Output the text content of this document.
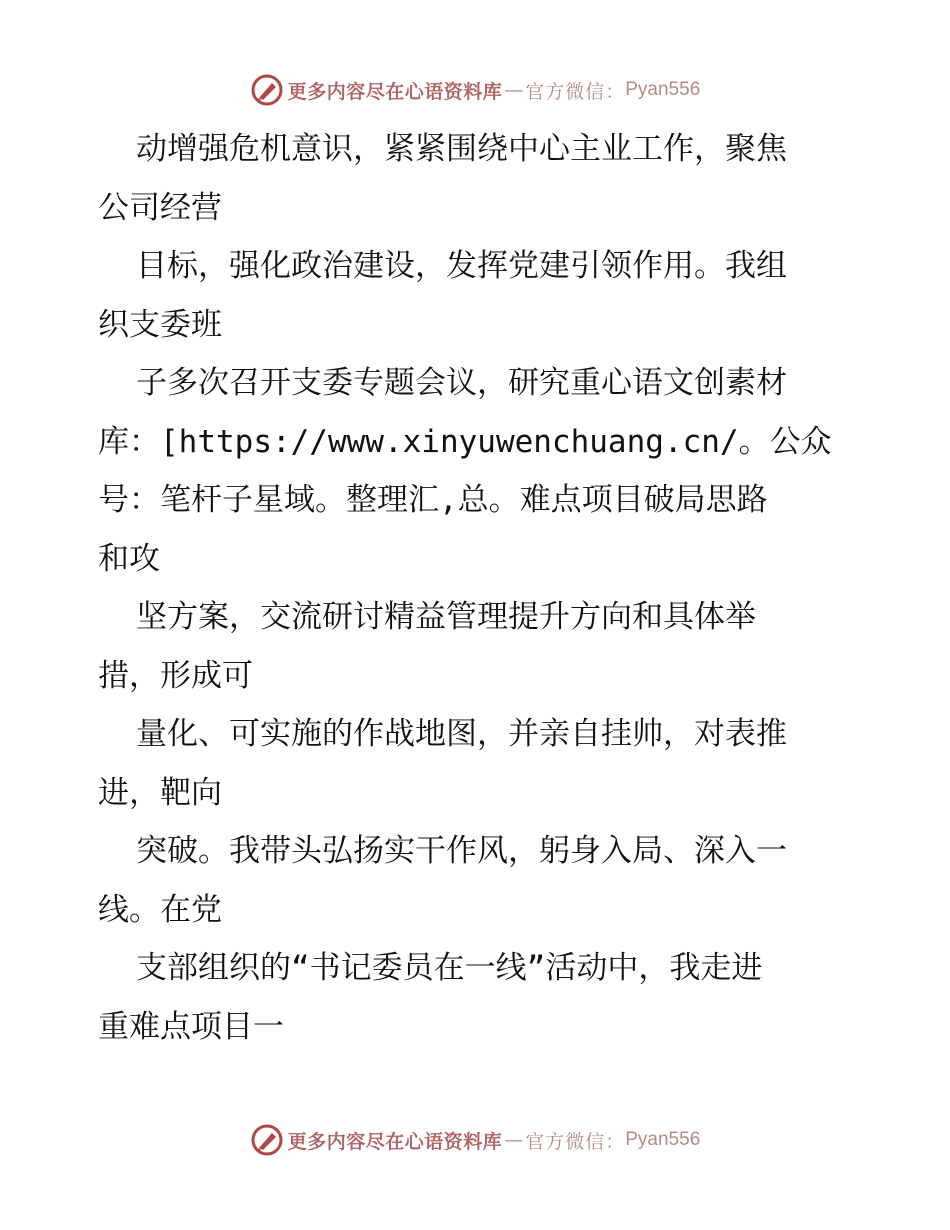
更多内容尽在心语资料库 — 官方微信： Pyan556
动增强危机意识，紧紧围绕中心主业工作，聚焦
公司经营
目标，强化政治建设，发挥党建引领作用。我组
织支委班
子多次召开支委专题会议，研究重心语文创素材
库：[https://www.xinyuwenchuang.cn/。公众
号：笔杆子星域。整理汇,总。难点项目破局思路
和攻
坚方案，交流研讨精益管理提升方向和具体举
措，形成可
量化、可实施的作战地图，并亲自挂帅，对表推
进，靶向
突破。我带头弘扬实干作风，躬身入局、深入一
线。在党
支部组织的“书记委员在一线”活动中，我走进
重难点项目一
更多内容尽在心语资料库 — 官方微信： Pyan556
